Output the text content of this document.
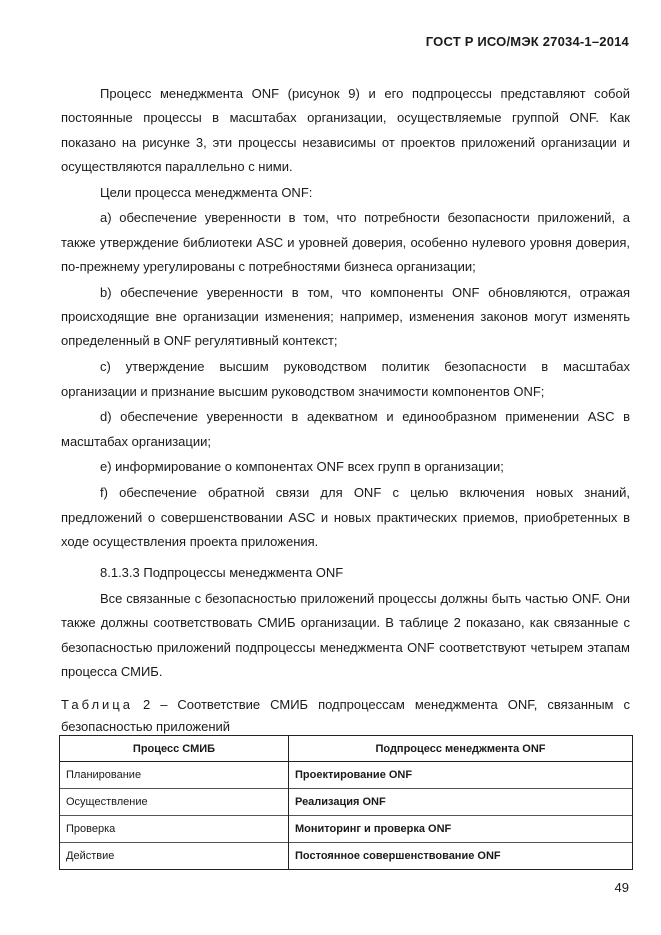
ГОСТ Р ИСО/МЭК 27034-1–2014

Процесс менеджмента ONF (рисунок 9) и его подпроцессы представляют собой постоянные процессы в масштабах организации, осуществляемые группой ONF. Как показано на рисунке 3, эти процессы независимы от проектов приложений организации и осуществляются параллельно с ними.

Цели процесса менеджмента ONF:

a) обеспечение уверенности в том, что потребности безопасности приложений, а также утверждение библиотеки ASC и уровней доверия, особенно нулевого уровня доверия, по-прежнему урегулированы с потребностями бизнеса организации;

b) обеспечение уверенности в том, что компоненты ONF обновляются, отражая происходящие вне организации изменения; например, изменения законов могут изменять определенный в ONF регулятивный контекст;

c) утверждение высшим руководством политик безопасности в масштабах организации и признание высшим руководством значимости компонентов ONF;

d) обеспечение уверенности в адекватном и единообразном применении ASC в масштабах организации;

e) информирование о компонентах ONF всех групп в организации;

f) обеспечение обратной связи для ONF с целью включения новых знаний, предложений о совершенствовании ASC и новых практических приемов, приобретенных в ходе осуществления проекта приложения.

8.1.3.3 Подпроцессы менеджмента ONF

Все связанные с безопасностью приложений процессы должны быть частью ONF. Они также должны соответствовать СМИБ организации. В таблице 2 показано, как связанные с безопасностью приложений подпроцессы менеджмента ONF соответствуют четырем этапам процесса СМИБ.

Таблица 2 – Соответствие СМИБ подпроцессам менеджмента ONF, связанным с безопасностью приложений

Процесс СМИБ	Подпроцесс менеджмента ONF
Планирование	Проектирование ONF
Осуществление	Реализация ONF
Проверка	Мониторинг и проверка ONF
Действие	Постоянное совершенствование ONF
49
